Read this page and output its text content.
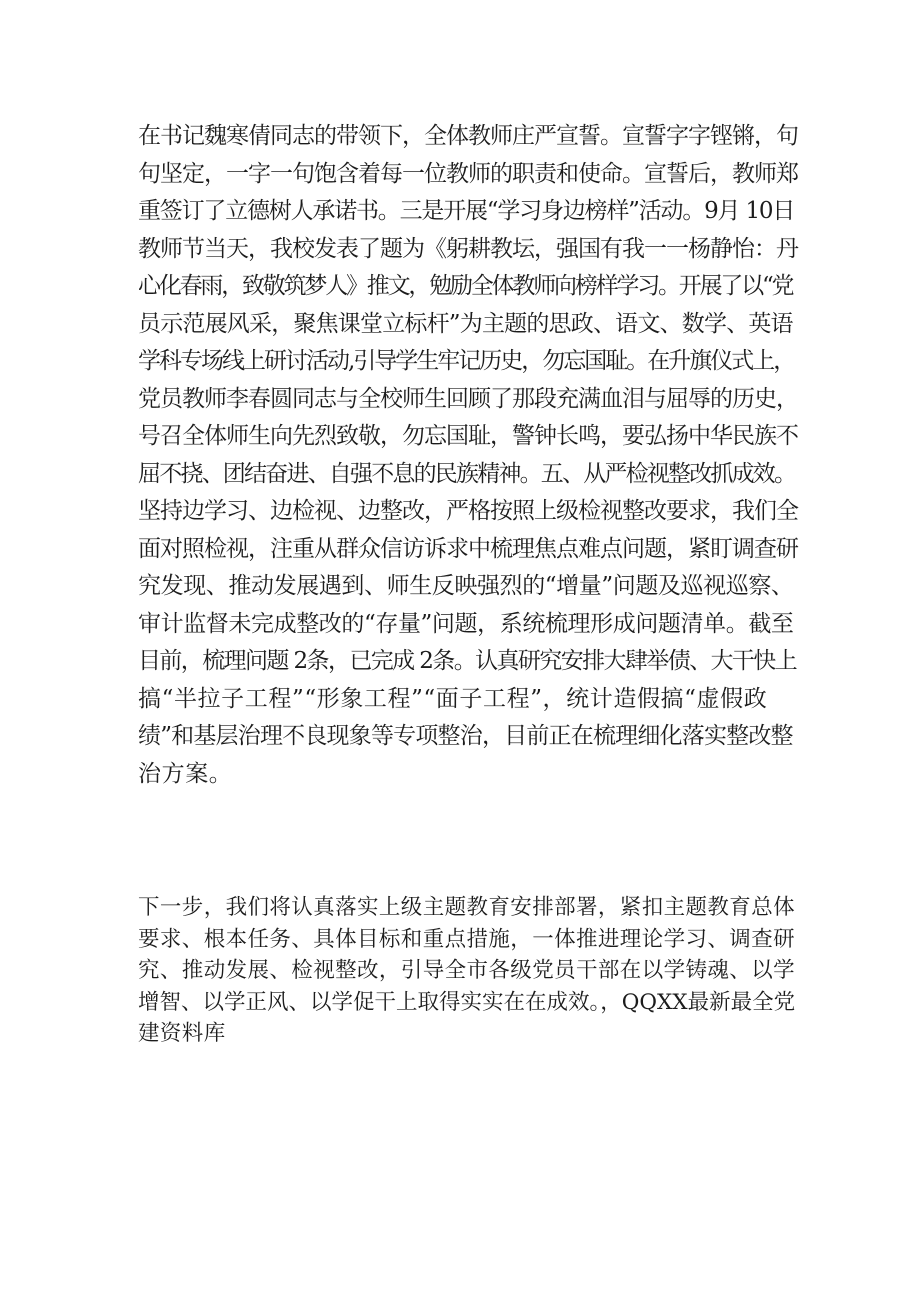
在书记魏寒倩同志的带领下，全体教师庄严宣誓。宣誓字字铿锵，句
句坚定，一字一句饱含着每一位教师的职责和使命。宣誓后，教师郑
重签订了立德树人承诺书。三是开展“学习身边榜样”活动。9月 10日
教师节当天，我校发表了题为《躬耕教坛，强国有我一一杨静怡：丹
心化春雨，致敬筑梦人》推文，勉励全体教师向榜样学习。开展了以“党
员示范展风采，聚焦课堂立标杆”为主题的思政、语文、数学、英语
学科专场线上研讨活动,引导学生牢记历史，勿忘国耻。在升旗仪式上，
党员教师李春圆同志与全校师生回顾了那段充满血泪与屈辱的历史，
号召全体师生向先烈致敬，勿忘国耻，警钟长鸣，要弘扬中华民族不
屈不挠、团结奋进、自强不息的民族精神。五、从严检视整改抓成效。
坚持边学习、边检视、边整改，严格按照上级检视整改要求，我们全
面对照检视，注重从群众信访诉求中梳理焦点难点问题，紧盯调查研
究发现、推动发展遇到、师生反映强烈的“增量”问题及巡视巡察、
审计监督未完成整改的“存量”问题，系统梳理形成问题清单。截至
目前，梳理问题 2条，已完成 2条。认真研究安排大肆举债、大干快上
搞“半拉子工程”“形象工程”“面子工程”，统计造假搞“虚假政
绩”和基层治理不良现象等专项整治，目前正在梳理细化落实整改整
治方案。
下一步，我们将认真落实上级主题教育安排部署，紧扣主题教育总体
要求、根本任务、具体目标和重点措施，一体推进理论学习、调查研
究、推动发展、检视整改，引导全市各级党员干部在以学铸魂、以学
增智、以学正风、以学促干上取得实实在在成效。，QQXX最新最全党
建资料库
